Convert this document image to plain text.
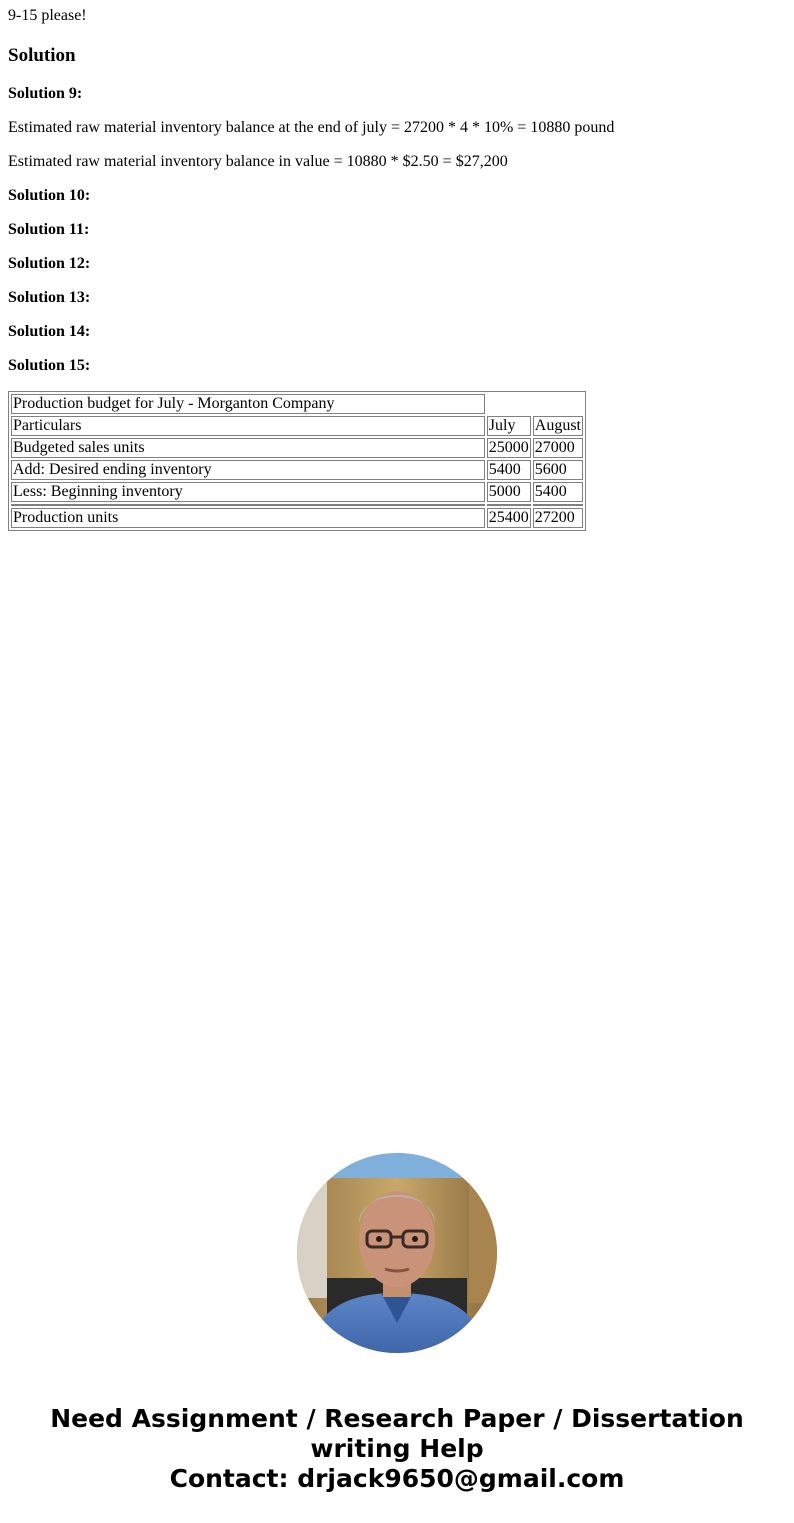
9-15 please!

Solution

Solution 9:

Estimated raw material inventory balance at the end of july = 27200 * 4 * 10% = 10880 pound

Estimated raw material inventory balance in value = 10880 * $2.50 = $27,200

Solution 10:

Solution 11:

Solution 12:

Solution 13:

Solution 14:

Solution 15:

Production budget for July - Morganton Company		
Particulars	July	August
Budgeted sales units	25000	27000
Add: Desired ending inventory	5400	5600
Less: Beginning inventory	5000	5400

Production units	25400	27200
Need Assignment / Research Paper / Dissertation
writing Help
Contact: drjack9650@gmail.com
